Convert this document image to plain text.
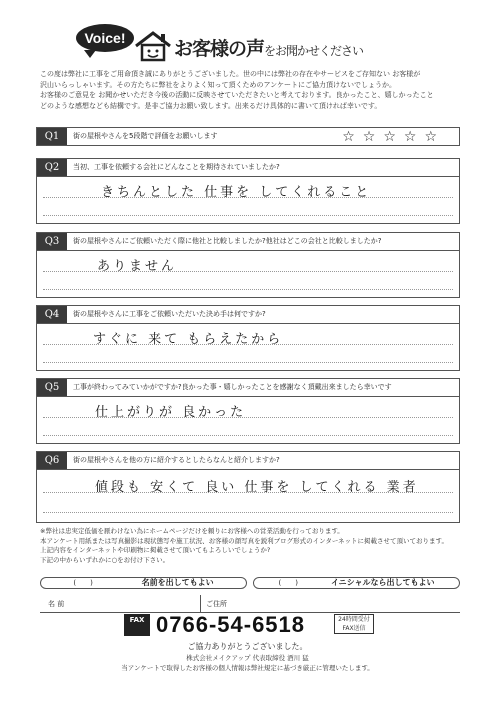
Voice!	お客様の声をお聞かせください
この度は弊社に工事をご用命頂き誠にありがとうございました。世の中には弊社の存在やサービスをご存知ない お客様が
沢山いらっしゃいます。その方たちに弊社をよりよく知って頂くためのアンケートにご協力頂けないでしょうか。
お客様のご意見を お聞かせいただき今後の活動に反映させていただきたいと考えております。良かったこと、嬉しかったこと
どのような感想なども結構です。是非ご協力お願い致します。出来るだけ具体的に書いて頂ければ幸いです。
Q1	街の屋根やさんを5段階で評価をお願いします	☆☆☆☆☆
Q2	当初、工事を依頼する会社にどんなことを期待されていましたか?
きちんとした 仕事を してくれること
Q3	街の屋根やさんにご依頼いただく際に他社と比較しましたか?他社はどこの会社と比較しましたか?
ありません
Q4	街の屋根やさんに工事をご依頼いただいた決め手は何ですか?
すぐに 来て もらえたから
Q5	工事が終わってみていかがですか?良かった事・嬉しかったことを感謝なく頂戴出来ましたら幸いです
仕上がりが 良かった
Q6	街の屋根やさんを他の方に紹介するとしたらなんと紹介しますか?
値段も 安くて 良い 仕事を してくれる 業者
※弊社は忠実定低価を厭わけない為にホームページだけを頼りにお客様への営業活動を行っております。
本アンケート用紙または写真撮影は現状態写や施工状況、お客様の顔写真を鋭利ブログ形式のインターネットに掲載させて頂いております。
上記内容をインターネットや印刷物に掲載させて頂いてもよろしいでしょうか?
下記の中からいずれかに○をお付け下さい。
(　　)	名前を出してもよい	(　　)	イニシャルなら出してもよい
名 前	ご住所
FAX 0766-54-6518	24時間受付 FAX送信
ご協力ありがとうございました。
株式会社メイクアップ 代表取締役 酒川 猛
当アンケートで取得したお客様の個人情報は弊社規定に基づき厳正に管理いたします。
